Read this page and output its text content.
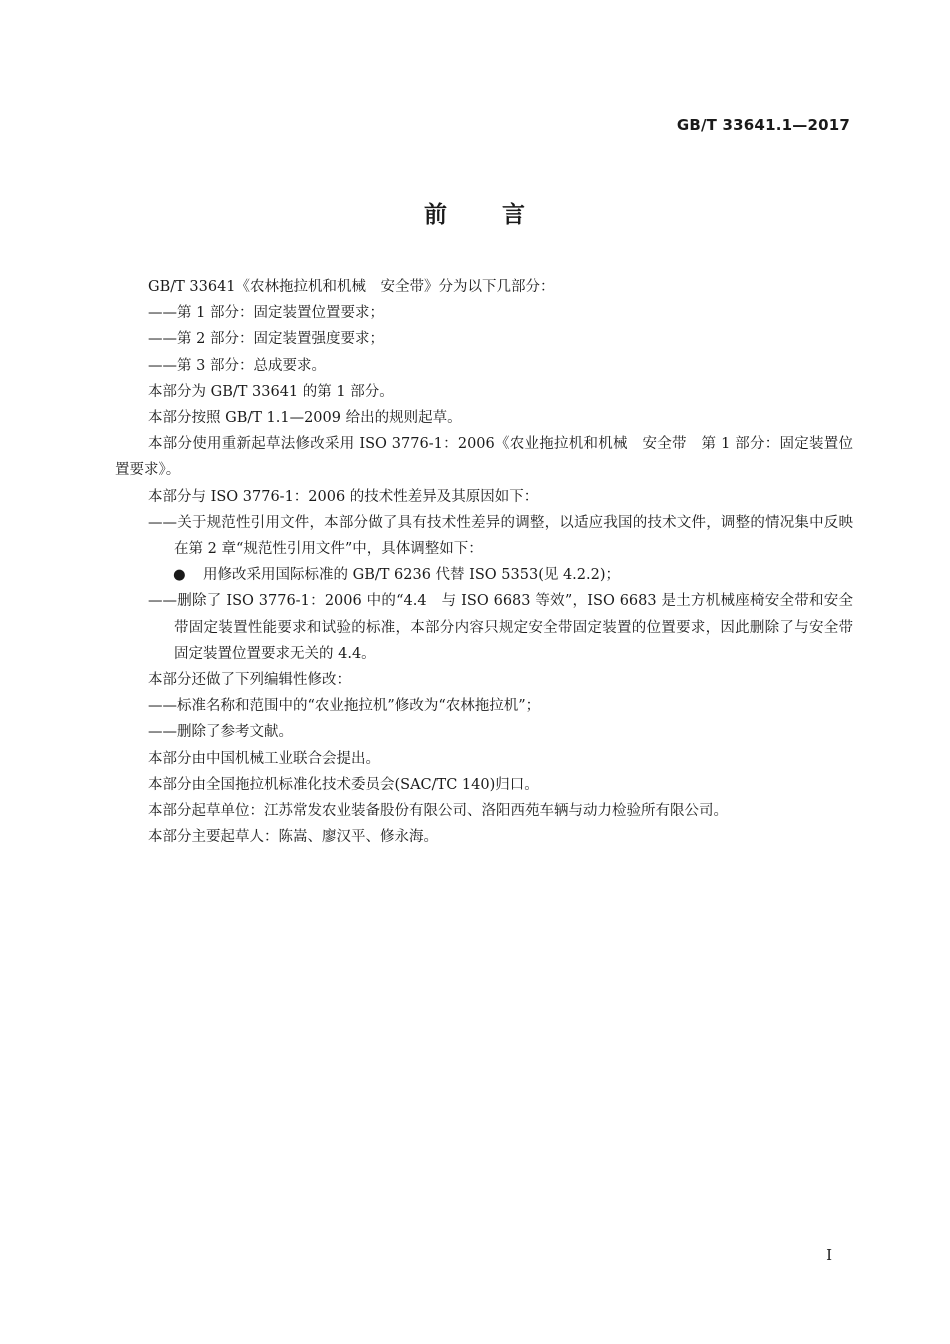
GB/T 33641.1—2017
前 言

GB/T 33641《农林拖拉机和机械　安全带》分为以下几部分：

——第 1 部分：固定装置位置要求；

——第 2 部分：固定装置强度要求；

——第 3 部分：总成要求。

本部分为 GB/T 33641 的第 1 部分。

本部分按照 GB/T 1.1—2009 给出的规则起草。

本部分使用重新起草法修改采用 ISO 3776-1：2006《农业拖拉机和机械　安全带　第 1 部分：固定装置位置要求》。

本部分与 ISO 3776-1：2006 的技术性差异及其原因如下：

——关于规范性引用文件，本部分做了具有技术性差异的调整，以适应我国的技术文件，调整的情况集中反映在第 2 章“规范性引用文件”中，具体调整如下：

● 用修改采用国际标准的 GB/T 6236 代替 ISO 5353(见 4.2.2)；

——删除了 ISO 3776-1：2006 中的“4.4　与 ISO 6683 等效”，ISO 6683 是土方机械座椅安全带和安全带固定装置性能要求和试验的标准，本部分内容只规定安全带固定装置的位置要求，因此删除了与安全带固定装置位置要求无关的 4.4。

本部分还做了下列编辑性修改：

——标准名称和范围中的“农业拖拉机”修改为“农林拖拉机”；

——删除了参考文献。

本部分由中国机械工业联合会提出。

本部分由全国拖拉机标准化技术委员会(SAC/TC 140)归口。

本部分起草单位：江苏常发农业装备股份有限公司、洛阳西苑车辆与动力检验所有限公司。

本部分主要起草人：陈嵩、廖汉平、修永海。

I
